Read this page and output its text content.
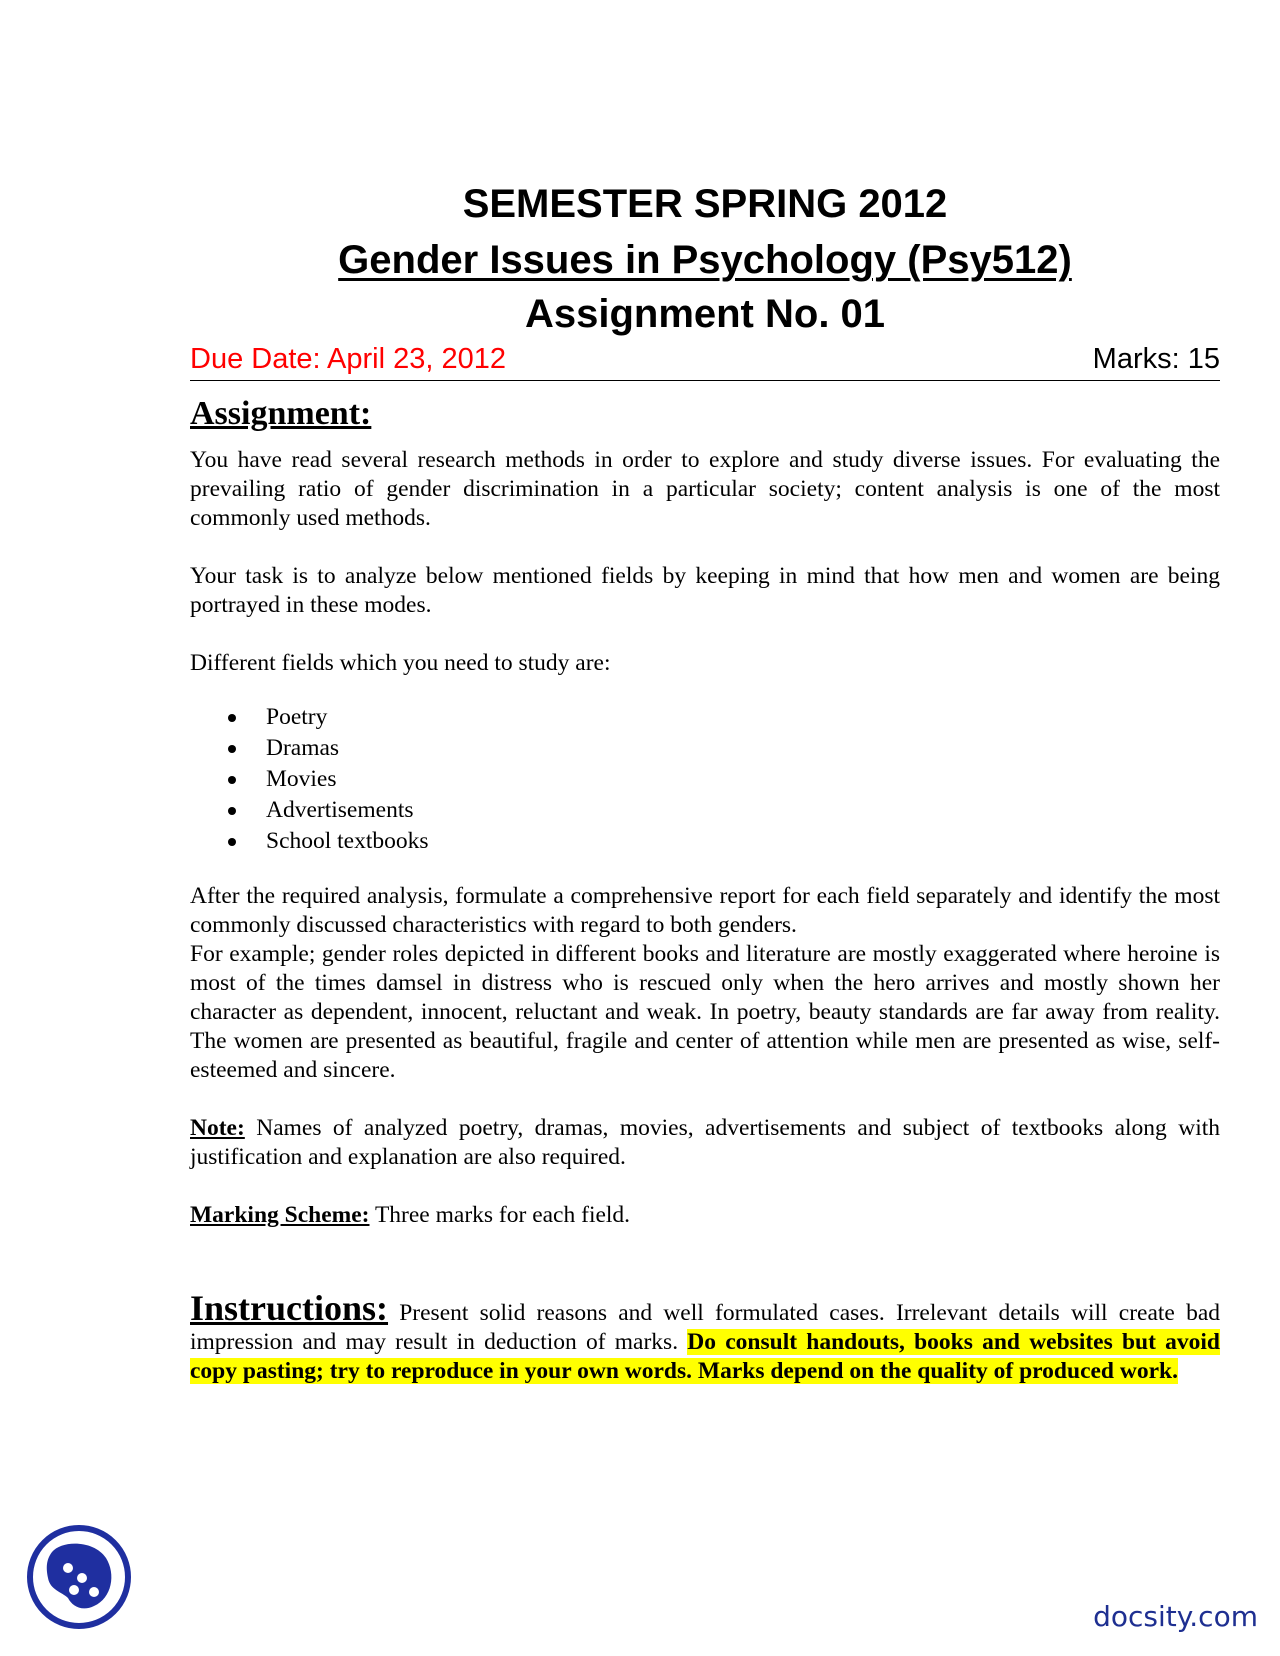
SEMESTER SPRING 2012
Gender Issues in Psychology (Psy512)
Assignment No. 01
Due Date: April 23, 2012	Marks: 15
Assignment:

You have read several research methods in order to explore and study diverse issues. For evaluating the prevailing ratio of gender discrimination in a particular society; content analysis is one of the most commonly used methods.

Your task is to analyze below mentioned fields by keeping in mind that how men and women are being portrayed in these modes.

Different fields which you need to study are:

Poetry
Dramas
Movies
Advertisements
School textbooks

After the required analysis, formulate a comprehensive report for each field separately and identify the most commonly discussed characteristics with regard to both genders.

For example; gender roles depicted in different books and literature are mostly exaggerated where heroine is most of the times damsel in distress who is rescued only when the hero arrives and mostly shown her character as dependent, innocent, reluctant and weak. In poetry, beauty standards are far away from reality. The women are presented as beautiful, fragile and center of attention while men are presented as wise, self-esteemed and sincere.

Note: Names of analyzed poetry, dramas, movies, advertisements and subject of textbooks along with justification and explanation are also required.

Marking Scheme: Three marks for each field.

Instructions: Present solid reasons and well formulated cases. Irrelevant details will create bad impression and may result in deduction of marks. Do consult handouts, books and websites but avoid copy pasting; try to reproduce in your own words. Marks depend on the quality of produced work.

docsity.com
